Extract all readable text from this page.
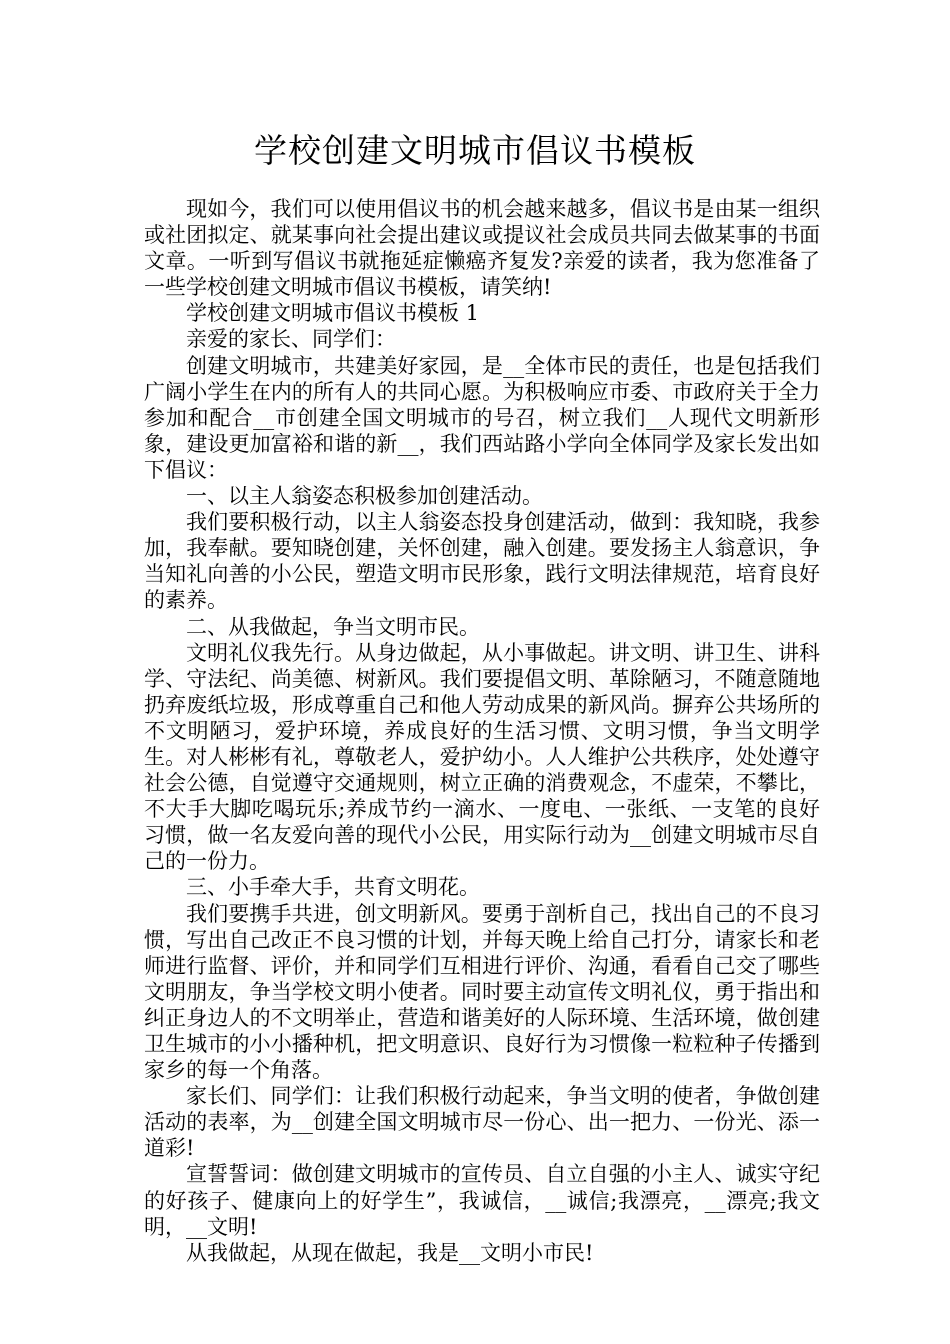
学校创建文明城市倡议书模板

现如今，我们可以使用倡议书的机会越来越多，倡议书是由某一组织或社团拟定、就某事向社会提出建议或提议社会成员共同去做某事的书面文章。一听到写倡议书就拖延症懒癌齐复发?亲爱的读者，我为您准备了一些学校创建文明城市倡议书模板，请笑纳!

学校创建文明城市倡议书模板 1

亲爱的家长、同学们：

创建文明城市，共建美好家园，是__全体市民的责任，也是包括我们广阔小学生在内的所有人的共同心愿。为积极响应市委、市政府关于全力参加和配合__市创建全国文明城市的号召，树立我们__人现代文明新形象，建设更加富裕和谐的新__，我们西站路小学向全体同学及家长发出如下倡议：

一、以主人翁姿态积极参加创建活动。

我们要积极行动，以主人翁姿态投身创建活动，做到：我知晓，我参加，我奉献。要知晓创建，关怀创建，融入创建。要发扬主人翁意识，争当知礼向善的小公民，塑造文明市民形象，践行文明法律规范，培育良好的素养。

二、从我做起，争当文明市民。

文明礼仪我先行。从身边做起，从小事做起。讲文明、讲卫生、讲科学、守法纪、尚美德、树新风。我们要提倡文明、革除陋习，不随意随地扔弃废纸垃圾，形成尊重自己和他人劳动成果的新风尚。摒弃公共场所的不文明陋习，爱护环境，养成良好的生活习惯、文明习惯，争当文明学生。对人彬彬有礼，尊敬老人，爱护幼小。人人维护公共秩序，处处遵守社会公德，自觉遵守交通规则，树立正确的消费观念，不虚荣，不攀比，不大手大脚吃喝玩乐;养成节约一滴水、一度电、一张纸、一支笔的良好习惯，做一名友爱向善的现代小公民，用实际行动为__创建文明城市尽自己的一份力。

三、小手牵大手，共育文明花。

我们要携手共进，创文明新风。要勇于剖析自己，找出自己的不良习惯，写出自己改正不良习惯的计划，并每天晚上给自己打分，请家长和老师进行监督、评价，并和同学们互相进行评价、沟通，看看自己交了哪些文明朋友，争当学校文明小使者。同时要主动宣传文明礼仪，勇于指出和纠正身边人的不文明举止，营造和谐美好的人际环境、生活环境，做创建卫生城市的小小播种机，把文明意识、良好行为习惯像一粒粒种子传播到家乡的每一个角落。

家长们、同学们：让我们积极行动起来，争当文明的使者，争做创建活动的表率，为__创建全国文明城市尽一份心、出一把力、一份光、添一道彩!

宣誓誓词：做创建文明城市的宣传员、自立自强的小主人、诚实守纪的好孩子、健康向上的好学生”，我诚信，__诚信;我漂亮，__漂亮;我文明，__文明!

从我做起，从现在做起，我是__文明小市民!
